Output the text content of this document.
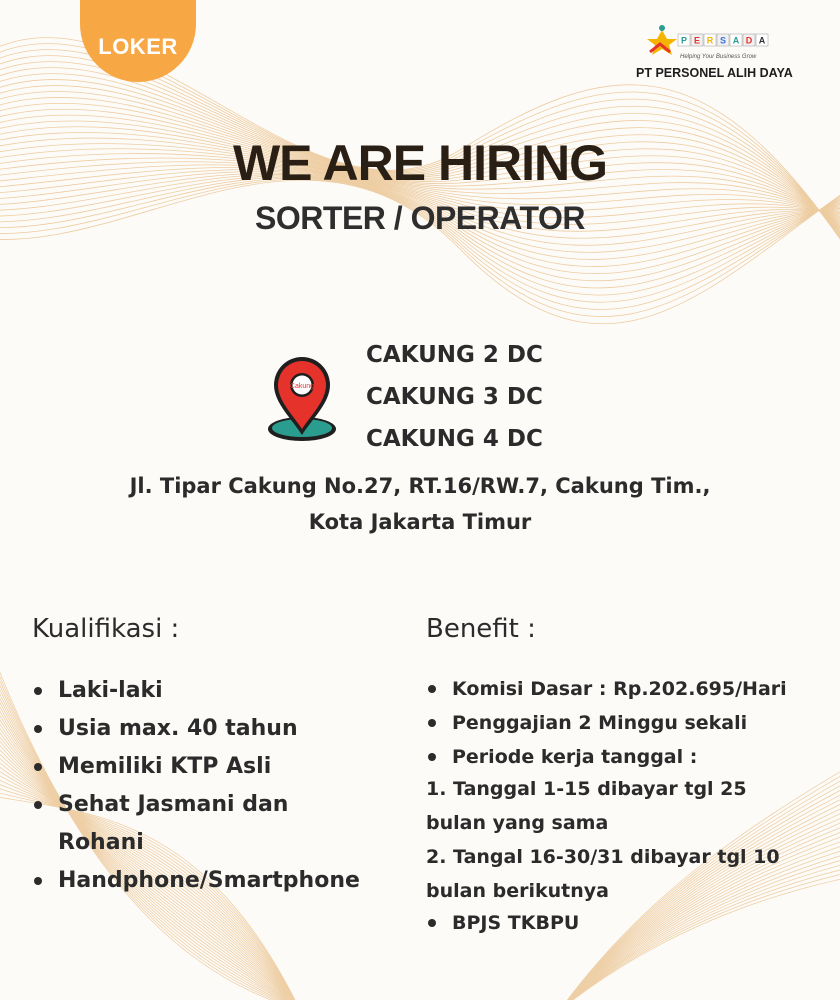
LOKER	P E R S A D A
Helping Your Business Grow
PT PERSONEL ALIH DAYA
WE ARE HIRING
SORTER / OPERATOR
Cakung
CAKUNG 2 DC
CAKUNG 3 DC
CAKUNG 4 DC
Jl. Tipar Cakung No.27, RT.16/RW.7, Cakung Tim.,
Kota Jakarta Timur
Kualifikasi :
Laki-laki
Usia max. 40 tahun
Memiliki KTP Asli
Sehat Jasmani dan
Rohani
Handphone/Smartphone
Benefit :
Komisi Dasar : Rp.202.695/Hari
Penggajian 2 Minggu sekali
Periode kerja tanggal :
1. Tanggal 1-15 dibayar tgl 25
bulan yang sama
2. Tangal 16-30/31 dibayar tgl 10
bulan berikutnya
BPJS TKBPU
